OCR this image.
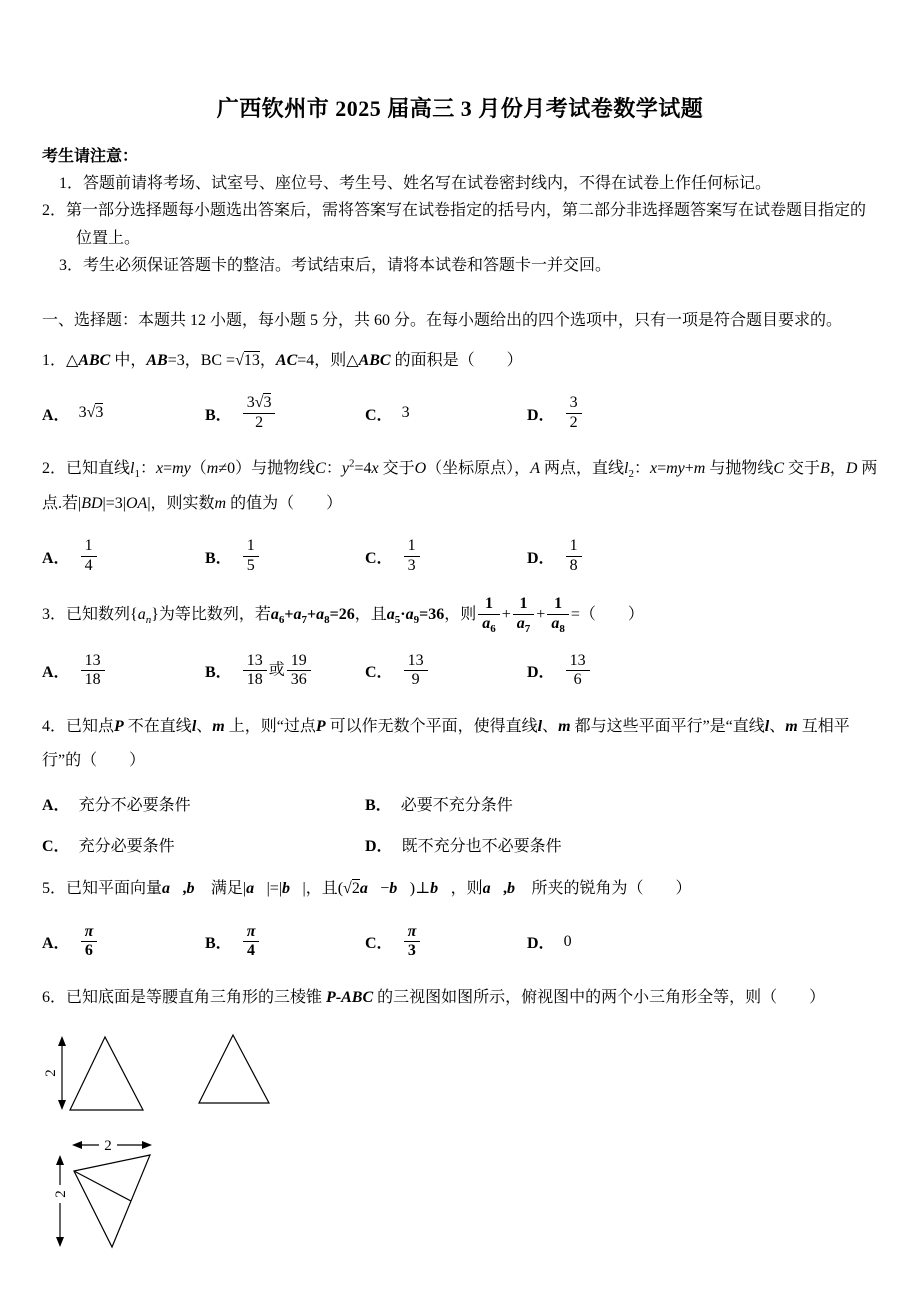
广西钦州市 2025 届高三 3 月份月考试卷数学试题

考生请注意：

1．答题前请将考场、试室号、座位号、考生号、姓名写在试卷密封线内，不得在试卷上作任何标记。

2．第一部分选择题每小题选出答案后，需将答案写在试卷指定的括号内，第二部分非选择题答案写在试卷题目指定的位置上。

3．考生必须保证答题卡的整洁。考试结束后，请将本试卷和答题卡一并交回。

一、选择题：本题共 12 小题，每小题 5 分，共 60 分。在每小题给出的四个选项中，只有一项是符合题目要求的。

1．△ABC 中，AB=3，BC =√13，AC=4，则△ABC 的面积是（　　）

A． 3√3	B． $\frac{3√3}{2}$	C． 3	D． $\frac{3}{2}$

2．已知直线$l_1$：x=my（m≠0）与抛物线C：$y^2=4x$ 交于O（坐标原点），A 两点，直线$l_2$：x=my+m 与抛物线C 交于B，D 两点.若|BD|=3|OA|，则实数m 的值为（　　）

A． $\frac{1}{4}$	B． $\frac{1}{5}$	C． $\frac{1}{3}$	D． $\frac{1}{8}$

3．已知数列$\{a_n\}$为等比数列，若$a_6+a_7+a_8=26$，且$a_5\cdot a_9=36$，则 $\frac{1}{a_6} + \frac{1}{a_7} + \frac{1}{a_8}$ =（　　）

A． $\frac{13}{18}$	B． $\frac{13}{18}$ 或 $\frac{19}{36}$	C． $\frac{13}{9}$	D． $\frac{13}{6}$

4．已知点P 不在直线l、m 上，则“过点P 可以作无数个平面，使得直线l、m 都与这些平面平行”是“直线l、m 互相平行”的（　　）

A． 充分不必要条件	B． 必要不充分条件
C． 充分必要条件	D． 既不充分也不必要条件

5．已知平面向量a⃗,b⃗ 满足|a⃗|=|b⃗|，且(√2a⃗−b⃗)⊥b⃗，则a⃗,b⃗ 所夹的锐角为（　　）

A． $\frac{\pi}{6}$	B． $\frac{\pi}{4}$	C． $\frac{\pi}{3}$	D． 0

6．已知底面是等腰直角三角形的三棱锥 P-ABC 的三视图如图所示，俯视图中的两个小三角形全等，则（　　）

2
2
2
